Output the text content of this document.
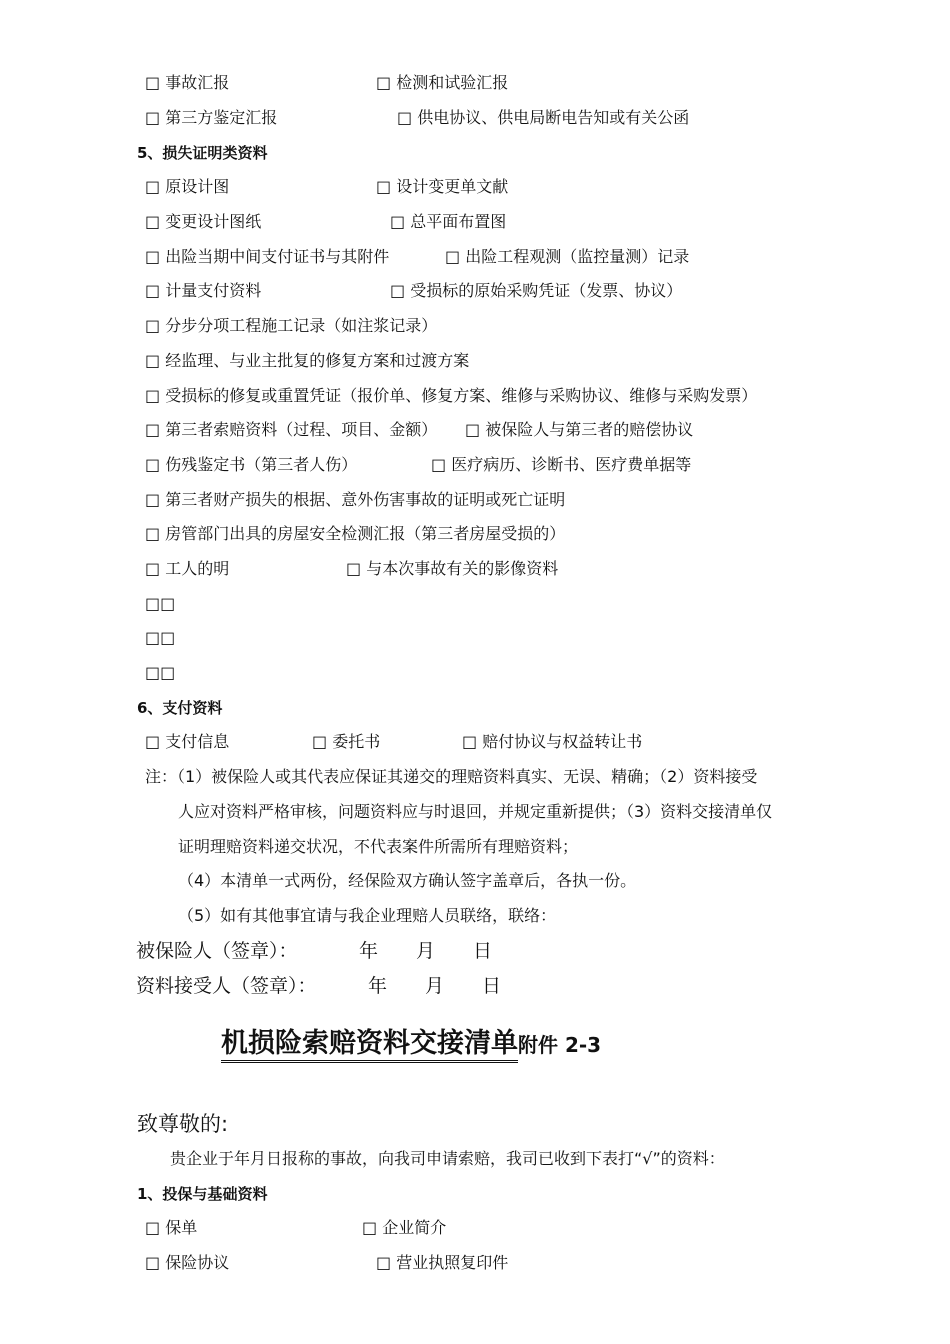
□ 事故汇报	□ 检测和试验汇报
□ 第三方鉴定汇报	□ 供电协议、供电局断电告知或有关公函
5、损失证明类资料
□ 原设计图	□ 设计变更单文献
□ 变更设计图纸	□ 总平面布置图
□ 出险当期中间支付证书与其附件	□ 出险工程观测（监控量测）记录
□ 计量支付资料	□ 受损标的原始采购凭证（发票、协议）
□ 分步分项工程施工记录（如注浆记录）
□ 经监理、与业主批复的修复方案和过渡方案
□ 受损标的修复或重置凭证（报价单、修复方案、维修与采购协议、维修与采购发票）
□ 第三者索赔资料（过程、项目、金额） □ 被保险人与第三者的赔偿协议
□ 伤残鉴定书（第三者人伤）	□ 医疗病历、诊断书、医疗费单据等
□ 第三者财产损失的根据、意外伤害事故的证明或死亡证明
□ 房管部门出具的房屋安全检测汇报（第三者房屋受损的）
□ 工人的明	□ 与本次事故有关的影像资料
□□
□□
□□
6、支付资料
□ 支付信息	□ 委托书	□ 赔付协议与权益转让书
注：（1）被保险人或其代表应保证其递交的理赔资料真实、无误、精确；（2）资料接受
人应对资料严格审核，问题资料应与时退回，并规定重新提供；（3）资料交接清单仅
证明理赔资料递交状况，不代表案件所需所有理赔资料；
（4）本清单一式两份，经保险双方确认签字盖章后，各执一份。
（5）如有其他事宜请与我企业理赔人员联络，联络：
被保险人（签章）：	年　　月　　日
资料接受人（签章）：	年　　月　　日
机损险索赔资料交接清单附件 2-3
致尊敬的:
贵企业于年月日报称的事故，向我司申请索赔，我司已收到下表打“√”的资料：
1、投保与基础资料
□ 保单	□ 企业简介
□ 保险协议	□ 营业执照复印件
